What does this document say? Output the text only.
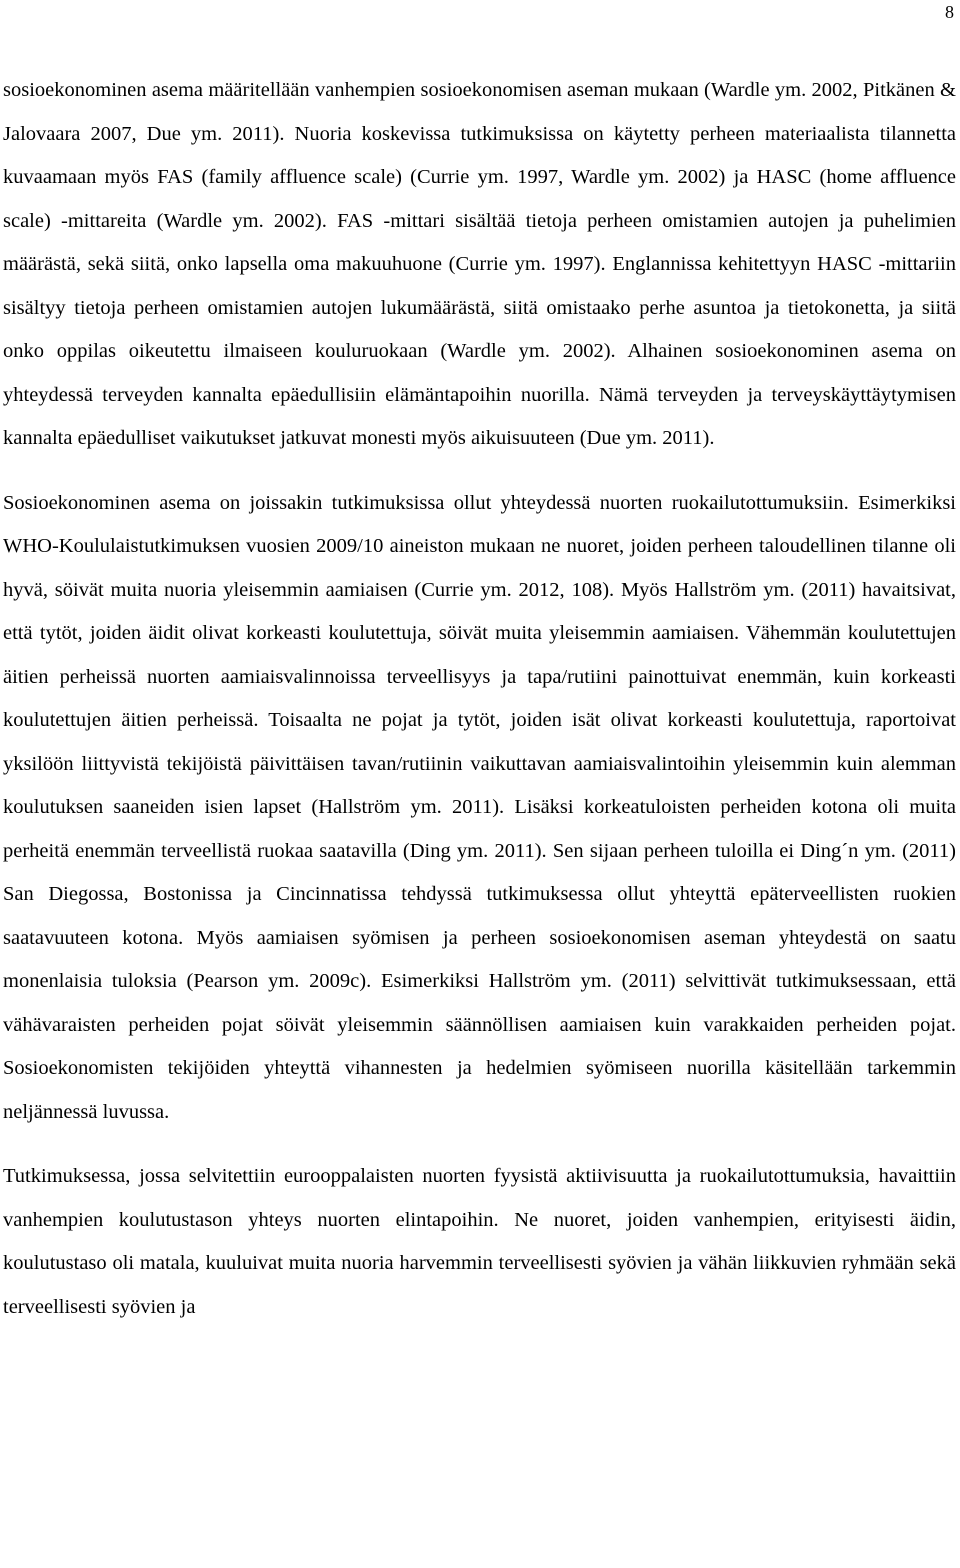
8

sosioekonominen asema määritellään vanhempien sosioekonomisen aseman mukaan (Wardle ym. 2002, Pitkänen & Jalovaara 2007, Due ym. 2011). Nuoria koskevissa tutkimuksissa on käytetty perheen materiaalista tilannetta kuvaamaan myös FAS (family affluence scale) (Currie ym. 1997, Wardle ym. 2002) ja HASC (home affluence scale) -mittareita (Wardle ym. 2002). FAS -mittari sisältää tietoja perheen omistamien autojen ja puhelimien määrästä, sekä siitä, onko lapsella oma makuuhuone (Currie ym. 1997). Englannissa kehitettyyn HASC -mittariin sisältyy tietoja perheen omistamien autojen lukumäärästä, siitä omistaako perhe asuntoa ja tietokonetta, ja siitä onko oppilas oikeutettu ilmaiseen kouluruokaan (Wardle ym. 2002). Alhainen sosioekonominen asema on yhteydessä terveyden kannalta epäedullisiin elämäntapoihin nuorilla. Nämä terveyden ja terveyskäyttäytymisen kannalta epäedulliset vaikutukset jatkuvat monesti myös aikuisuuteen (Due ym. 2011).

Sosioekonominen asema on joissakin tutkimuksissa ollut yhteydessä nuorten ruokailutottumuksiin. Esimerkiksi WHO-Koululaistutkimuksen vuosien 2009/10 aineiston mukaan ne nuoret, joiden perheen taloudellinen tilanne oli hyvä, söivät muita nuoria yleisemmin aamiaisen (Currie ym. 2012, 108). Myös Hallström ym. (2011) havaitsivat, että tytöt, joiden äidit olivat korkeasti koulutettuja, söivät muita yleisemmin aamiaisen. Vähemmän koulutettujen äitien perheissä nuorten aamiaisvalinnoissa terveellisyys ja tapa/rutiini painottuivat enemmän, kuin korkeasti koulutettujen äitien perheissä. Toisaalta ne pojat ja tytöt, joiden isät olivat korkeasti koulutettuja, raportoivat yksilöön liittyvistä tekijöistä päivittäisen tavan/rutiinin vaikuttavan aamiaisvalintoihin yleisemmin kuin alemman koulutuksen saaneiden isien lapset (Hallström ym. 2011). Lisäksi korkeatuloisten perheiden kotona oli muita perheitä enemmän terveellistä ruokaa saatavilla (Ding ym. 2011). Sen sijaan perheen tuloilla ei Ding´n ym. (2011) San Diegossa, Bostonissa ja Cincinnatissa tehdyssä tutkimuksessa ollut yhteyttä epäterveellisten ruokien saatavuuteen kotona. Myös aamiaisen syömisen ja perheen sosioekonomisen aseman yhteydestä on saatu monenlaisia tuloksia (Pearson ym. 2009c). Esimerkiksi Hallström ym. (2011) selvittivät tutkimuksessaan, että vähävaraisten perheiden pojat söivät yleisemmin säännöllisen aamiaisen kuin varakkaiden perheiden pojat. Sosioekonomisten tekijöiden yhteyttä vihannesten ja hedelmien syömiseen nuorilla käsitellään tarkemmin neljännessä luvussa.

Tutkimuksessa, jossa selvitettiin eurooppalaisten nuorten fyysistä aktiivisuutta ja ruokailutottumuksia, havaittiin vanhempien koulutustason yhteys nuorten elintapoihin. Ne nuoret, joiden vanhempien, erityisesti äidin, koulutustaso oli matala, kuuluivat muita nuoria harvemmin terveellisesti syövien ja vähän liikkuvien ryhmään sekä terveellisesti syövien ja
